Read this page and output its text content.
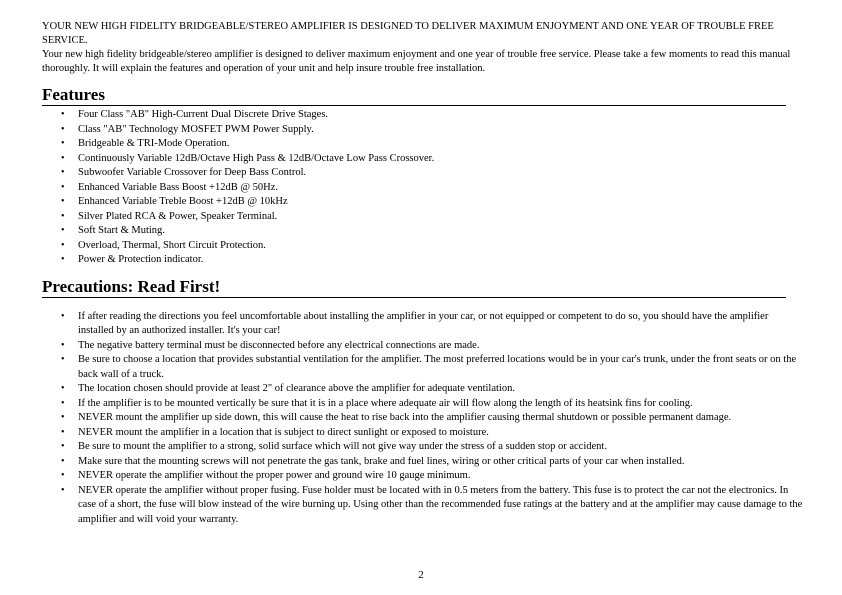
YOUR NEW HIGH FIDELITY BRIDGEABLE/STEREO AMPLIFIER IS DESIGNED TO DELIVER MAXIMUM ENJOYMENT AND ONE YEAR OF TROUBLE FREE SERVICE.

Your new high fidelity bridgeable/stereo amplifier is designed to deliver maximum enjoyment and one year of trouble free service. Please take a few moments to read this manual thoroughly. It will explain the features and operation of your unit and help insure trouble free installation.

Features
• Four Class "AB" High-Current Dual Discrete Drive Stages.
• Class "AB" Technology MOSFET PWM Power Supply.
• Bridgeable & TRI-Mode Operation.
• Continuously Variable 12dB/Octave High Pass & 12dB/Octave Low Pass Crossover.
• Subwoofer Variable Crossover for Deep Bass Control.
• Enhanced Variable Bass Boost +12dB @ 50Hz.
• Enhanced Variable Treble Boost +12dB @ 10kHz
• Silver Plated RCA & Power, Speaker Terminal.
• Soft Start & Muting.
• Overload, Thermal, Short Circuit Protection.
• Power & Protection indicator.
Precautions: Read First!
• If after reading the directions you feel uncomfortable about installing the amplifier in your car, or not equipped or competent to do so, you should have the amplifier installed by an authorized installer. It's your car!
• The negative battery terminal must be disconnected before any electrical connections are made.
• Be sure to choose a location that provides substantial ventilation for the amplifier. The most preferred locations would be in your car's trunk, under the front seats or on the back wall of a truck.
• The location chosen should provide at least 2" of clearance above the amplifier for adequate ventilation.
• If the amplifier is to be mounted vertically be sure that it is in a place where adequate air will flow along the length of its heatsink fins for cooling.
• NEVER mount the amplifier up side down, this will cause the heat to rise back into the amplifier causing thermal shutdown or possible permanent damage.
• NEVER mount the amplifier in a location that is subject to direct sunlight or exposed to moisture.
• Be sure to mount the amplifier to a strong, solid surface which will not give way under the stress of a sudden stop or accident.
• Make sure that the mounting screws will not penetrate the gas tank, brake and fuel lines, wiring or other critical parts of your car when installed.
• NEVER operate the amplifier without the proper power and ground wire 10 gauge minimum.
• NEVER operate the amplifier without proper fusing. Fuse holder must be located with in 0.5 meters from the battery. This fuse is to protect the car not the electronics. In case of a short, the fuse will blow instead of the wire burning up. Using other than the recommended fuse ratings at the battery and at the amplifier may cause damage to the amplifier and will void your warranty.
2
